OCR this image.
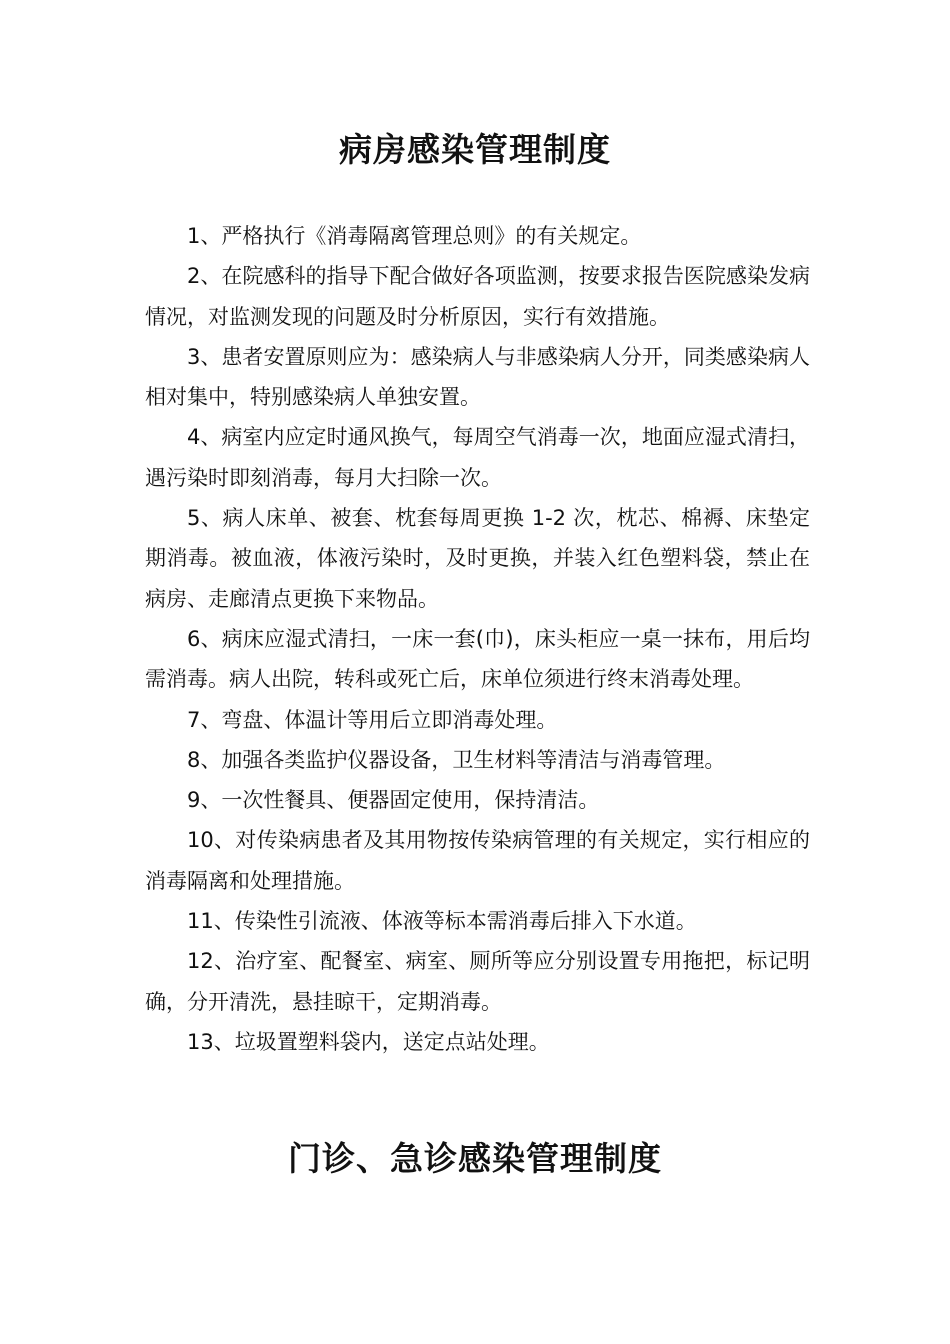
病房感染管理制度

1、严格执行《消毒隔离管理总则》的有关规定。

2、在院感科的指导下配合做好各项监测，按要求报告医院感染发病情况，对监测发现的问题及时分析原因，实行有效措施。

3、患者安置原则应为：感染病人与非感染病人分开，同类感染病人相对集中，特别感染病人单独安置。

4、病室内应定时通风换气，每周空气消毒一次，地面应湿式清扫，遇污染时即刻消毒，每月大扫除一次。

5、病人床单、被套、枕套每周更换 1-2 次，枕芯、棉褥、床垫定期消毒。被血液，体液污染时，及时更换，并装入红色塑料袋，禁止在病房、走廊清点更换下来物品。

6、病床应湿式清扫，一床一套(巾)，床头柜应一桌一抹布，用后均需消毒。病人出院，转科或死亡后，床单位须进行终末消毒处理。

7、弯盘、体温计等用后立即消毒处理。

8、加强各类监护仪器设备，卫生材料等清洁与消毒管理。

9、一次性餐具、便器固定使用，保持清洁。

10、对传染病患者及其用物按传染病管理的有关规定，实行相应的消毒隔离和处理措施。

11、传染性引流液、体液等标本需消毒后排入下水道。

12、治疗室、配餐室、病室、厕所等应分别设置专用拖把，标记明确，分开清洗，悬挂晾干，定期消毒。

13、垃圾置塑料袋内，送定点站处理。

门诊、急诊感染管理制度
